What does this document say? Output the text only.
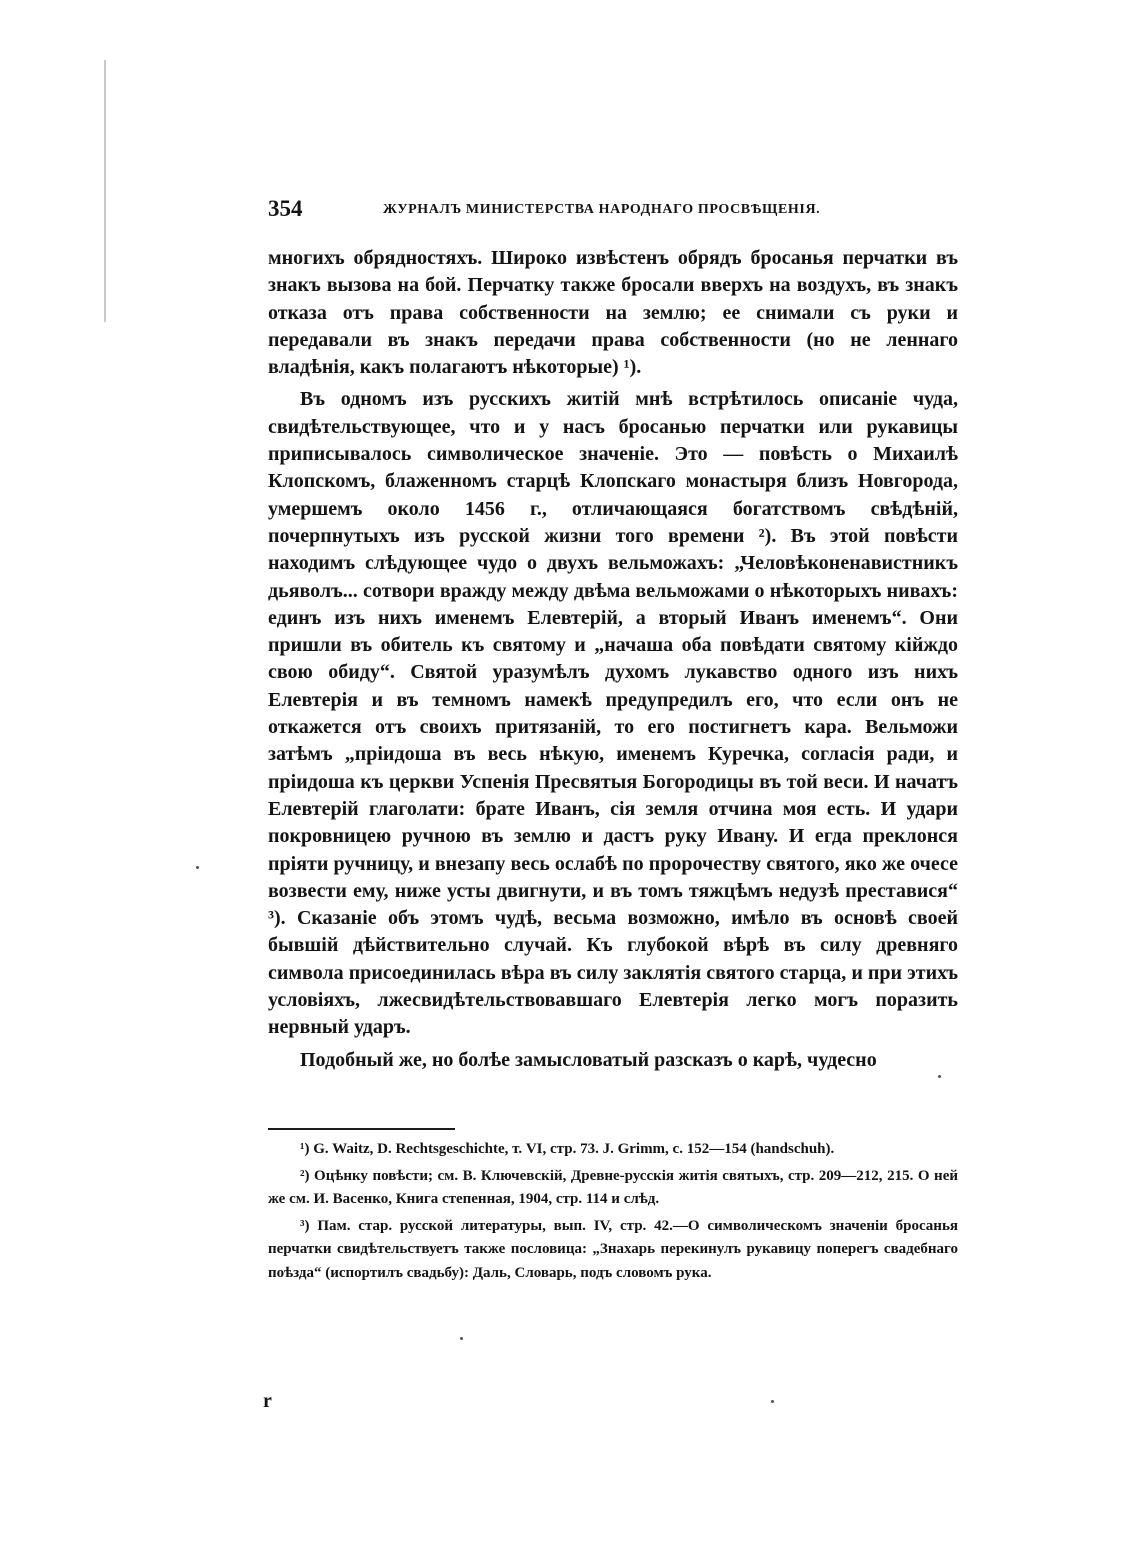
354	ЖУРНАЛЪ МИНИСТЕРСТВА НАРОДНАГО ПРОСВѢЩЕНІЯ.

многихъ обрядностяхъ. Широко извѣстенъ обрядъ бросанья перчатки въ знакъ вызова на бой. Перчатку также бросали вверхъ на воздухъ, въ знакъ отказа отъ права собственности на землю; ее снимали съ руки и передавали въ знакъ передачи права собственности (но не леннаго владѣнія, какъ полагаютъ нѣкоторые) ¹).

Въ одномъ изъ русскихъ житій мнѣ встрѣтилось описаніе чуда, свидѣтельствующее, что и у насъ бросанью перчатки или рукавицы приписывалось символическое значеніе. Это — повѣсть о Михаилѣ Клопскомъ, блаженномъ старцѣ Клопскаго монастыря близъ Новгорода, умершемъ около 1456 г., отличающаяся богатствомъ свѣдѣній, почерпнутыхъ изъ русской жизни того времени ²). Въ этой повѣсти находимъ слѣдующее чудо о двухъ вельможахъ: „Человѣконенавистникъ дьяволъ... сотвори вражду между двѣма вельможами о нѣкоторыхъ нивахъ: единъ изъ нихъ именемъ Елевтерій, а вторый Иванъ именемъ“. Они пришли въ обитель къ святому и „начаша оба повѣдати святому кійждо свою обиду“. Святой уразумѣлъ духомъ лукавство одного изъ нихъ Елевтерія и въ темномъ намекѣ предупредилъ его, что если онъ не откажется отъ своихъ притязаній, то его постигнетъ кара. Вельможи затѣмъ „пріидоша въ весь нѣкую, именемъ Куречка, согласія ради, и пріидоша къ церкви Успенія Пресвятыя Богородицы въ той веси. И начатъ Елевтерій глаголати: брате Иванъ, сія земля отчина моя есть. И удари покровницею ручною въ землю и дастъ руку Ивану. И егда преклонся пріяти ручницу, и внезапу весь ослабѣ по пророчеству святого, яко же очесе возвести ему, ниже усты двигнути, и въ томъ тяжцѣмъ недузѣ преставися“ ³). Сказаніе объ этомъ чудѣ, весьма возможно, имѣло въ основѣ своей бывшій дѣйствительно случай. Къ глубокой вѣрѣ въ силу древняго символа присоединилась вѣра въ силу заклятія святого старца, и при этихъ условіяхъ, лжесвидѣтельствовавшаго Елевтерія легко могъ поразить нервный ударъ.

Подобный же, но болѣе замысловатый разсказъ о карѣ, чудесно

¹) G. Waitz, D. Rechtsgeschichte, т. VI, стр. 73. J. Grimm, c. 152—154 (handschuh).

²) Оцѣнку повѣсти; см. В. Ключевскій, Древне-русскія житія святыхъ, стр. 209—212, 215. О ней же см. И. Васенко, Книга степенная, 1904, стр. 114 и слѣд.

³) Пам. стар. русской литературы, вып. IV, стр. 42.—О символическомъ значеніи бросанья перчатки свидѣтельствуетъ также пословица: „Знахарь перекинулъ рукавицу поперегъ свадебнаго поѣзда“ (испортилъ свадьбу): Даль, Словарь, подъ словомъ рука.

r
